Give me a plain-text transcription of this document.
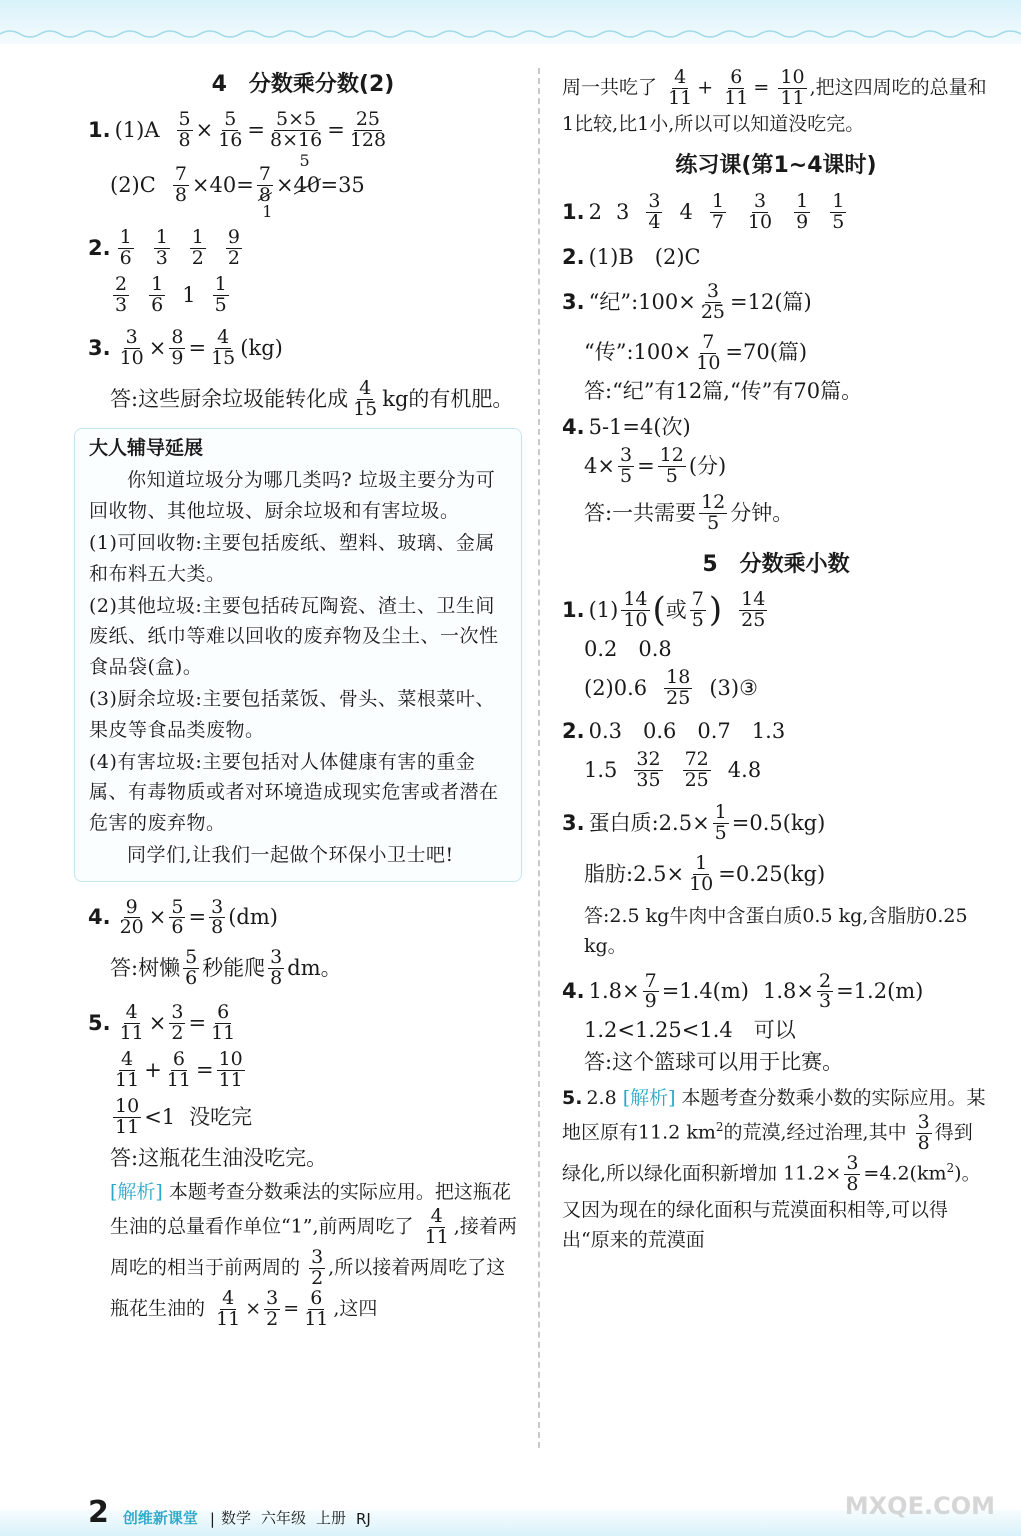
4　分数乘分数(2)
1. $(1)A \frac{5}{8} \times \frac{5}{16} = \frac{5\times 5}{8\times 16} = \frac{25}{128}$
$(2)C \frac{7}{8} \times 40= \frac{7}{8} \times 40$
5
1
=35
2. $\frac{1}{6} \frac{1}{3} \frac{1}{2} \frac{9}{2}$
$\frac{2}{3} \frac{1}{6} 1 \frac{1}{5}$
3. $\frac{3}{10} \times \frac{8}{9} = \frac{4}{15} (kg)$
答:这些厨余垃圾能转化成 $\frac{4}{15}$ kg的有机肥。
大人辅导延展

你知道垃圾分为哪几类吗? 垃圾主要分为可回收物、其他垃圾、厨余垃圾和有害垃圾。

(1)可回收物:主要包括废纸、塑料、玻璃、金属和布料五大类。

(2)其他垃圾:主要包括砖瓦陶瓷、渣土、卫生间废纸、纸巾等难以回收的废弃物及尘土、一次性食品袋(盒)。

(3)厨余垃圾:主要包括菜饭、骨头、菜根菜叶、果皮等食品类废物。

(4)有害垃圾:主要包括对人体健康有害的重金属、有毒物质或者对环境造成现实危害或者潜在危害的废弃物。

同学们,让我们一起做个环保小卫士吧!

4. $\frac{9}{20} \times \frac{5}{6} = \frac{3}{8} (dm)$
答:树懒 $\frac{5}{6}$ 秒能爬 $\frac{3}{8}$ dm。
5. $\frac{4}{11} \times \frac{3}{2} = \frac{6}{11}$
$\frac{4}{11} + \frac{6}{11} = \frac{10}{11}$
$\frac{10}{11} <1$ 没吃完
答:这瓶花生油没吃完。
[解析] 本题考查分数乘法的实际应用。把这瓶花生油的总量看作单位“1”,前两周吃了 $\frac{4}{11}$ ,接着两周吃的相当于前两周的 $\frac{3}{2}$ ,所以接着两周吃了这瓶花生油的 $\frac{4}{11} \times \frac{3}{2} = \frac{6}{11}$ ,这四
周一共吃了 $\frac{4}{11} + \frac{6}{11} = \frac{10}{11}$ ,把这四周吃的总量和1比较,比1小,所以可以知道没吃完。
练习课(第1~4课时)
1. 2 $3 \frac{3}{4} 4 \frac{1}{7} \frac{3}{10} \frac{1}{9} \frac{1}{5}$
2. (1)B　(2)C
3. “纪”:100× $\frac{3}{25} =12$(篇)
“传”:100× $\frac{7}{10} =70$(篇)
答:“纪”有12篇,“传”有70篇。
4. 5-1=4(次)
$4\times \frac{3}{5} = \frac{12}{5}$ (分)
答:一共需要 $\frac{12}{5}$ 分钟。
5　分数乘小数
1. $(1) \frac{14}{10}$ ( 或 $\frac{7}{5}$ ) $\frac{14}{25}$
0.2　0.8
$(2)0.6 \frac{18}{25}$ (3)③
2. 0.3　0.6　0.7　1.3
$1.5 \frac{32}{35} \frac{72}{25} 4.8$
3. 蛋白质:2.5× $\frac{1}{5} =0.5(kg)$
脂肪:2.5× $\frac{1}{10} =0.25(kg)$
答:2.5 kg牛肉中含蛋白质0.5 kg,含脂肪0.25 kg。
4. $1.8\times \frac{7}{9} =1.4(m)$ $1.8\times \frac{2}{3} =1.2(m)$
1.2<1.25<1.4　可以
答:这个篮球可以用于比赛。
5. 2.8 [解析] 本题考查分数乘小数的实际应用。某地区原有11.2 $km^2$的荒漠,经过治理,其中 $\frac{3}{8}$ 得到绿化,所以绿化面积新增加 $11.2\times \frac{3}{8} =4.2(km^2)$。又因为现在的绿化面积与荒漠面积相等,可以得出“原来的荒漠面
2 创维新课堂 | 数学 六年级 上册 RJ	MXQE.COM
